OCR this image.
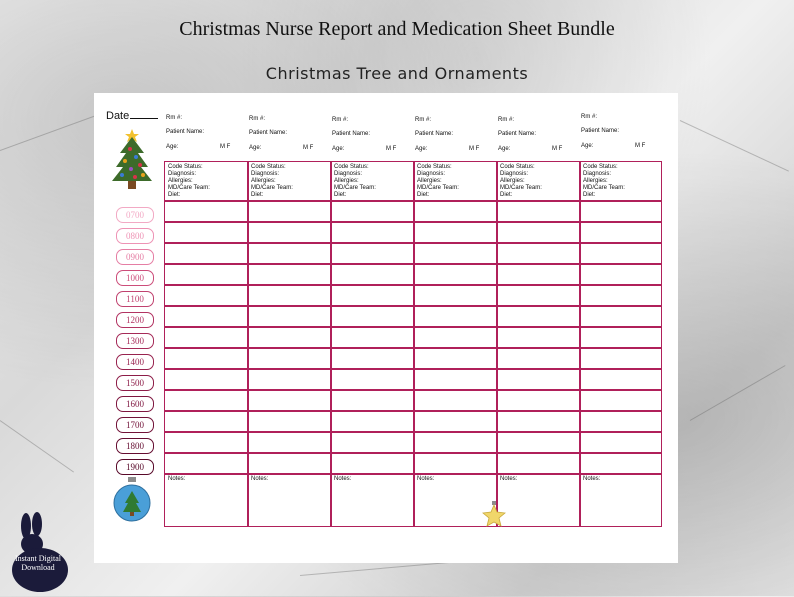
Christmas Nurse Report and Medication Sheet Bundle
Christmas Tree and Ornaments
Date
0700
0800
0900
1000
1100
1200
1300
1400
1500
1600
1700
1800
1900
Rm #:
Patient Name:
Age:	M F
Rm #:
Patient Name:
Age:	M F
Rm #:
Patient Name:
Age:	M F
Rm #:
Patient Name:
Age:	M F
Rm #:
Patient Name:
Age:	M F
Rm #:
Patient Name:
Age:	M F
Code Status:
Diagnosis:
Allergies:
MD/Care Team:
Diet:
Notes:
Code Status:
Diagnosis:
Allergies:
MD/Care Team:
Diet:
Notes:
Code Status:
Diagnosis:
Allergies:
MD/Care Team:
Diet:
Notes:
Code Status:
Diagnosis:
Allergies:
MD/Care Team:
Diet:
Notes:
Code Status:
Diagnosis:
Allergies:
MD/Care Team:
Diet:
Notes:
Code Status:
Diagnosis:
Allergies:
MD/Care Team:
Diet:
Notes:
Instant Digital
Download
